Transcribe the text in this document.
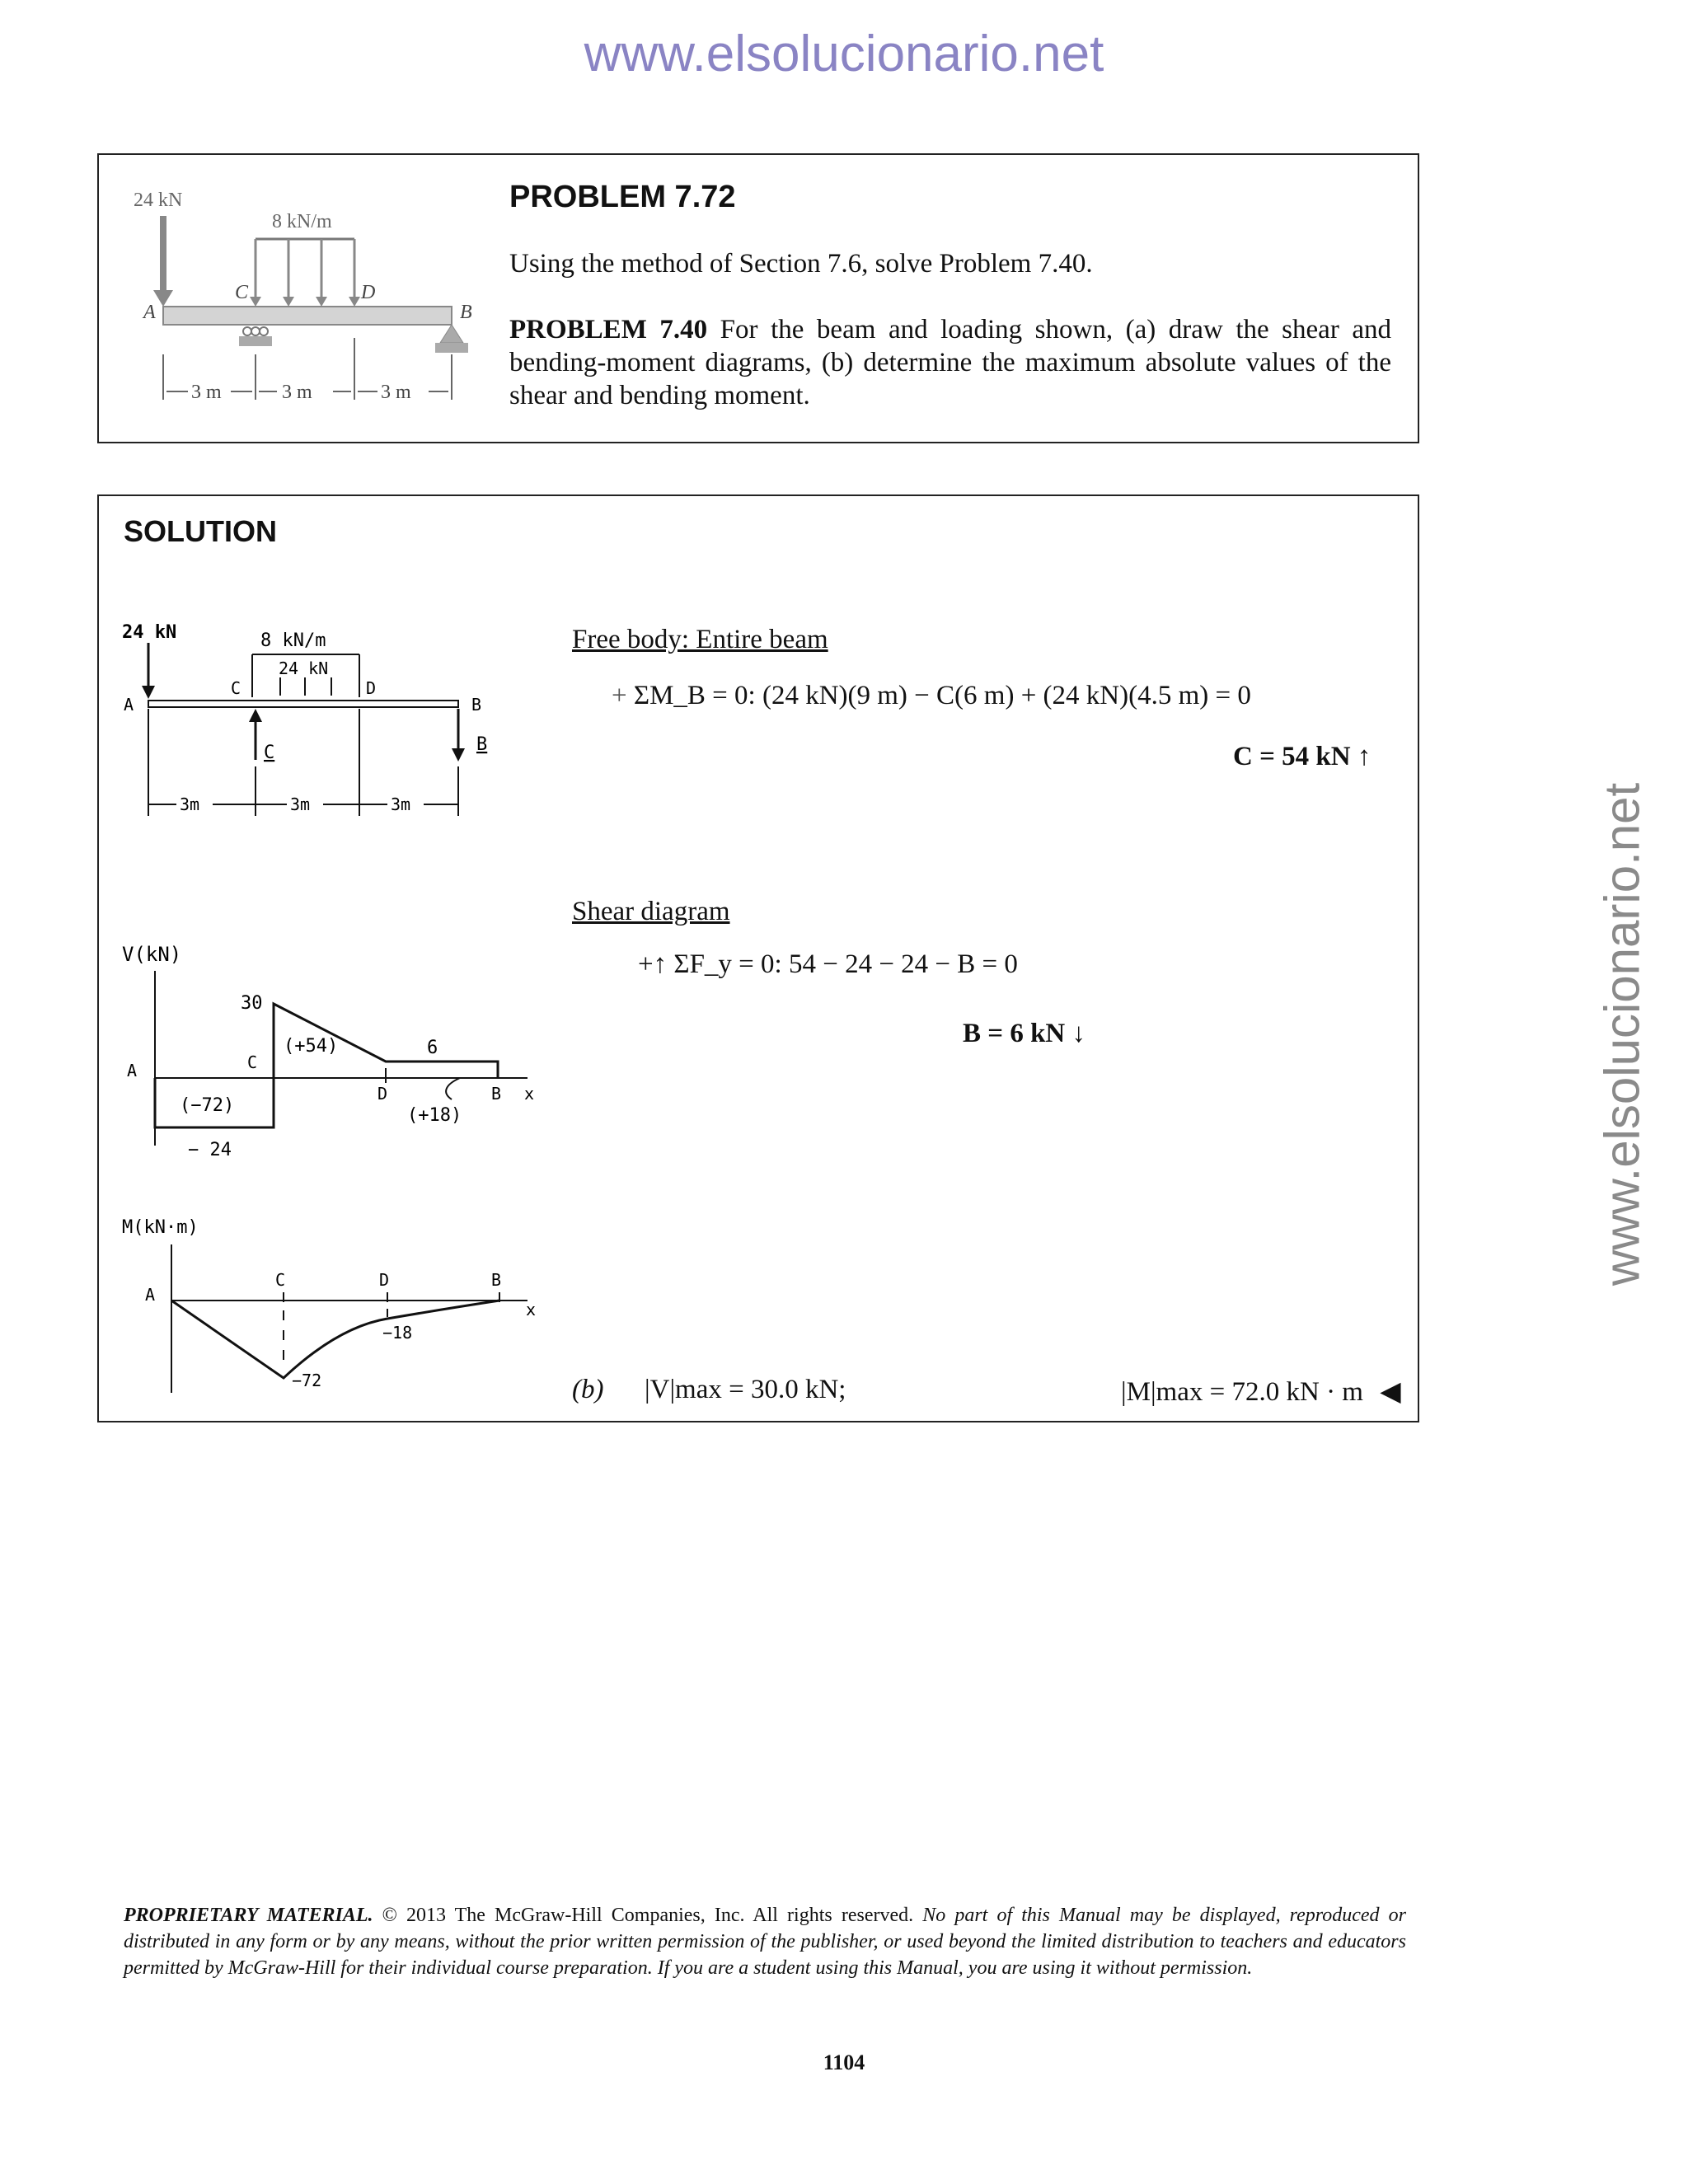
www.elsolucionario.net
www.elsolucionario.net
24 kN
8 kN/m
C	D
A	B
3 m	3 m	3 m
PROBLEM 7.72
Using the method of Section 7.6, solve Problem 7.40.
PROBLEM 7.40 For the beam and loading shown, (a) draw the shear and bending-moment diagrams, (b) determine the maximum absolute values of the shear and bending moment.
SOLUTION
24 kN	8 kN/m
24 kN
C	D
A	B
C	B
3m	3m	3m
V(kN)
30
6
− 24
(−72)
(+54)
(+18)
A	C
D	B x
M(kN·m)
A
C	D	B
x
−18
−72
Free body: Entire beam
+ ΣM_B = 0: (24 kN)(9 m) − C(6 m) + (24 kN)(4.5 m) = 0
C = 54 kN ↑
Shear diagram
+↑ ΣF_y = 0: 54 − 24 − 24 − B = 0
B = 6 kN ↓
(b) |V|max = 30.0 kN;	|M|max = 72.0 kN · m ◀
PROPRIETARY MATERIAL. © 2013 The McGraw-Hill Companies, Inc. All rights reserved. No part of this Manual may be displayed, reproduced or distributed in any form or by any means, without the prior written permission of the publisher, or used beyond the limited distribution to teachers and educators permitted by McGraw-Hill for their individual course preparation. If you are a student using this Manual, you are using it without permission.
1104
